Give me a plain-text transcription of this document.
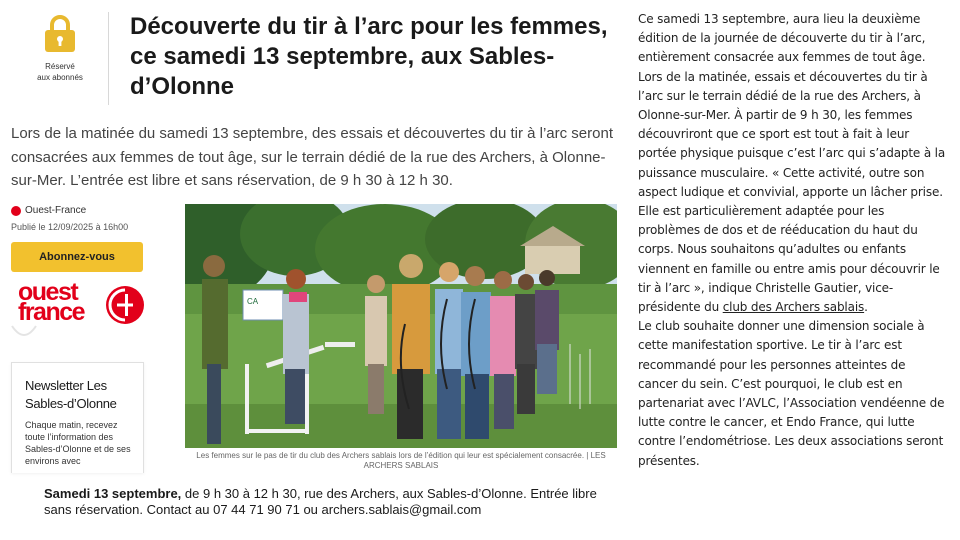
Réservé
aux abonnés
Découverte du tir à l’arc pour les femmes, ce samedi 13 septembre, aux Sables-d’Olonne

Lors de la matinée du samedi 13 septembre, des essais et découvertes du tir à l’arc seront consacrées aux femmes de tout âge, sur le terrain dédié de la rue des Archers, à Olonne-sur-Mer. L’entrée est libre et sans réservation, de 9 h 30 à 12 h 30.

Ouest-France
Publié le 12/09/2025 à 16h00
Abonnez-vous
ouest
france
Newsletter Les Sables-d’Olonne
Chaque matin, recevez toute l’information des Sables-d’Olonne et de ses environs avec
CA

Les femmes sur le pas de tir du club des Archers sablais lors de l’édition qui leur est spécialement consacrée. | LES ARCHERS SABLAIS

Samedi 13 septembre, de 9 h 30 à 12 h 30, rue des Archers, aux Sables-d’Olonne. Entrée libre sans réservation. Contact au 07 44 71 90 71 ou archers.sablais@gmail.com

Ce samedi 13 septembre, aura lieu la deuxième édition de la journée de découverte du tir à l’arc, entièrement consacrée aux femmes de tout âge. Lors de la matinée, essais et découvertes du tir à l’arc sur le terrain dédié de la rue des Archers, à Olonne-sur-Mer. À partir de 9 h 30, les femmes découvriront que ce sport est tout à fait à leur portée physique puisque c’est l’arc qui s’adapte à la puissance musculaire. « Cette activité, outre son aspect ludique et convivial, apporte un lâcher prise. Elle est particulièrement adaptée pour les problèmes de dos et de rééducation du haut du corps. Nous souhaitons qu’adultes ou enfants viennent en famille ou entre amis pour découvrir le tir à l’arc », indique Christelle Gautier, vice-présidente du club des Archers sablais.

Le club souhaite donner une dimension sociale à cette manifestation sportive. Le tir à l’arc est recommandé pour les personnes atteintes de cancer du sein. C’est pourquoi, le club est en partenariat avec l’AVLC, l’Association vendéenne de lutte contre le cancer, et Endo France, qui lutte contre l’endométriose. Les deux associations seront présentes.
